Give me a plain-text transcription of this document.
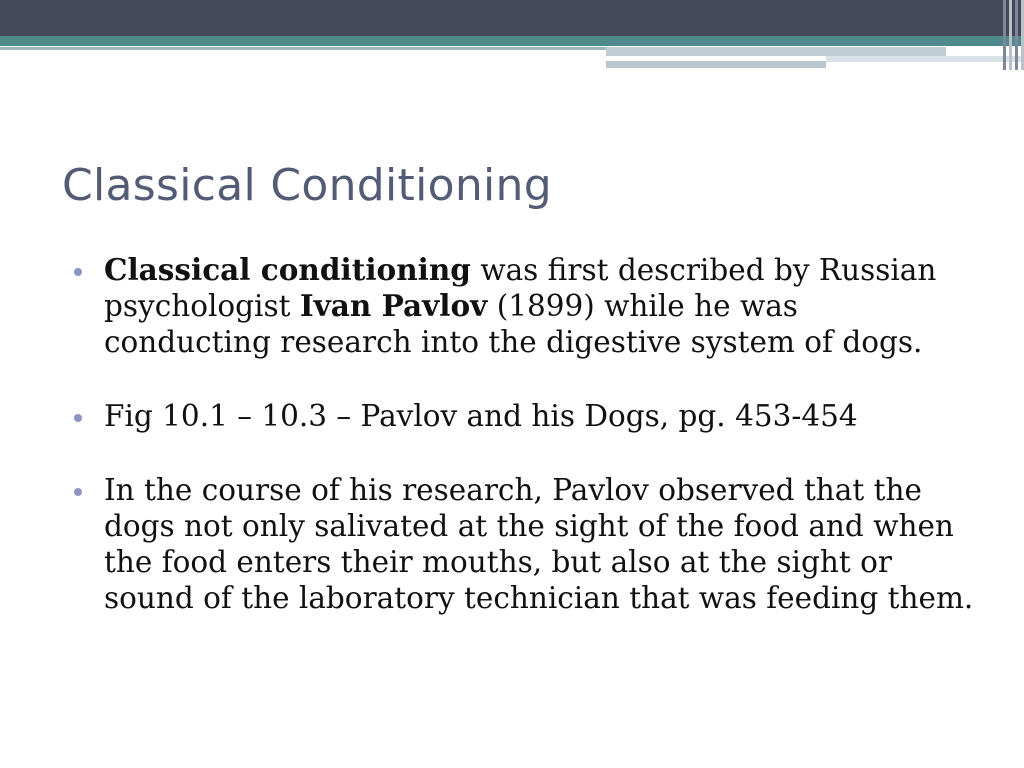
Classical Conditioning
Classical conditioning was first described by Russian psychologist Ivan Pavlov (1899) while he was conducting research into the digestive system of dogs.
Fig 10.1 – 10.3 – Pavlov and his Dogs, pg. 453-454
In the course of his research, Pavlov observed that the dogs not only salivated at the sight of the food and when the food enters their mouths, but also at the sight or sound of the laboratory technician that was feeding them.
